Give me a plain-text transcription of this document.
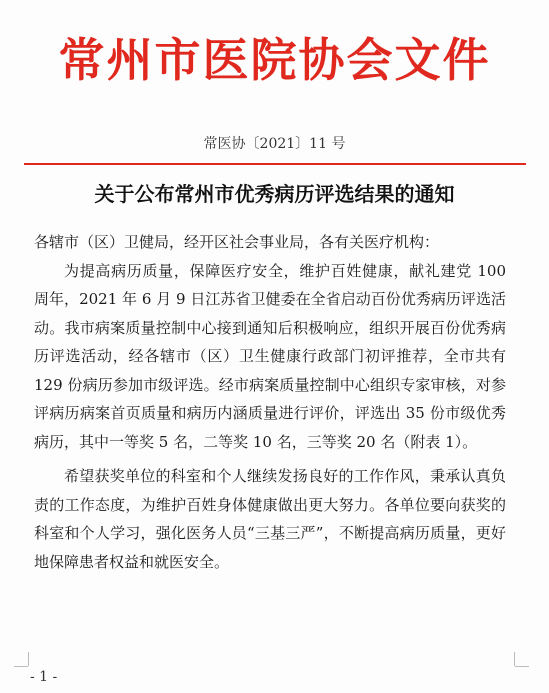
常州市医院协会文件
常医协〔2021〕11 号
关于公布常州市优秀病历评选结果的通知

各辖市（区）卫健局，经开区社会事业局，各有关医疗机构：

为提高病历质量，保障医疗安全，维护百姓健康，献礼建党 100 周年，2021 年 6 月 9 日江苏省卫健委在全省启动百份优秀病历评选活动。我市病案质量控制中心接到通知后积极响应，组织开展百份优秀病历评选活动，经各辖市（区）卫生健康行政部门初评推荐，全市共有 129 份病历参加市级评选。经市病案质量控制中心组织专家审核，对参评病历病案首页质量和病历内涵质量进行评价，评选出 35 份市级优秀病历，其中一等奖 5 名，二等奖 10 名，三等奖 20 名（附表 1）。

希望获奖单位的科室和个人继续发扬良好的工作作风，秉承认真负责的工作态度，为维护百姓身体健康做出更大努力。各单位要向获奖的科室和个人学习，强化医务人员“三基三严”，不断提高病历质量，更好地保障患者权益和就医安全。

- 1 -
